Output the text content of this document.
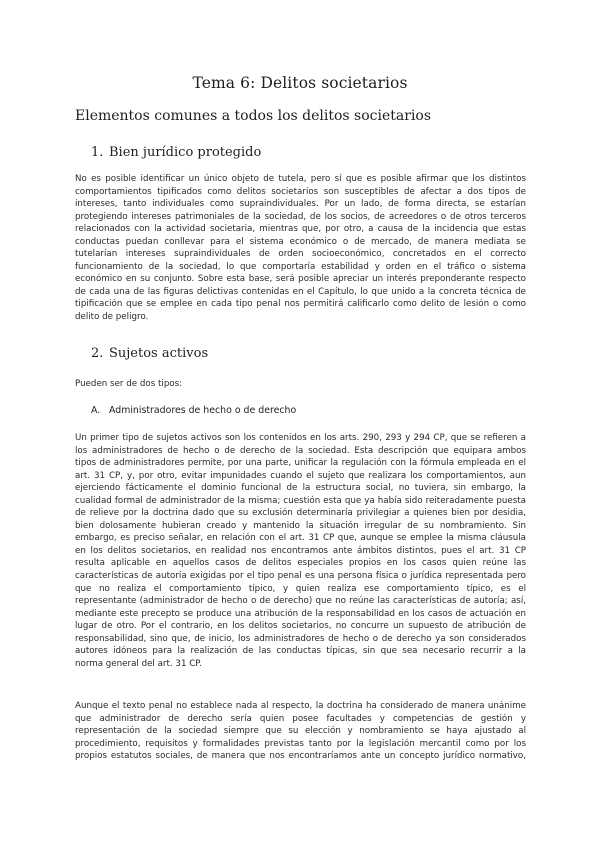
Tema 6: Delitos societarios
Elementos comunes a todos los delitos societarios
1. Bien jurídico protegido
No es posible identificar un único objeto de tutela, pero sí que es posible afirmar que los distintos
comportamientos tipificados como delitos societarios son susceptibles de afectar a dos tipos de
intereses, tanto individuales como supraindividuales. Por un lado, de forma directa, se estarían
protegiendo intereses patrimoniales de la sociedad, de los socios, de acreedores o de otros terceros
relacionados con la actividad societaria, mientras que, por otro, a causa de la incidencia que estas
conductas puedan conllevar para el sistema económico o de mercado, de manera mediata se
tutelarían intereses supraindividuales de orden socioeconómico, concretados en el correcto
funcionamiento de la sociedad, lo que comportaría estabilidad y orden en el tráfico o sistema
económico en su conjunto. Sobre esta base, será posible apreciar un interés preponderante respecto
de cada una de las figuras delictivas contenidas en el Capítulo, lo que unido a la concreta técnica de
tipificación que se emplee en cada tipo penal nos permitirá calificarlo como delito de lesión o como
delito de peligro.
2. Sujetos activos
Pueden ser de dos tipos:
A. Administradores de hecho o de derecho
Un primer tipo de sujetos activos son los contenidos en los arts. 290, 293 y 294 CP, que se refieren a
los administradores de hecho o de derecho de la sociedad. Esta descripción que equipara ambos
tipos de administradores permite, por una parte, unificar la regulación con la fórmula empleada en el
art. 31 CP, y, por otro, evitar impunidades cuando el sujeto que realizara los comportamientos, aun
ejerciendo fácticamente el dominio funcional de la estructura social, no tuviera, sin embargo, la
cualidad formal de administrador de la misma; cuestión esta que ya había sido reiteradamente puesta
de relieve por la doctrina dado que su exclusión determinaría privilegiar a quienes bien por desidia,
bien dolosamente hubieran creado y mantenido la situación irregular de su nombramiento. Sin
embargo, es preciso señalar, en relación con el art. 31 CP que, aunque se emplee la misma cláusula
en los delitos societarios, en realidad nos encontramos ante ámbitos distintos, pues el art. 31 CP
resulta aplicable en aquellos casos de delitos especiales propios en los casos quien reúne las
características de autoría exigidas por el tipo penal es una persona física o jurídica representada pero
que no realiza el comportamiento típico, y quien realiza ese comportamiento típico, es el
representante (administrador de hecho o de derecho) que no reúne las características de autoría; así,
mediante este precepto se produce una atribución de la responsabilidad en los casos de actuación en
lugar de otro. Por el contrario, en los delitos societarios, no concurre un supuesto de atribución de
responsabilidad, sino que, de inicio, los administradores de hecho o de derecho ya son considerados
autores idóneos para la realización de las conductas típicas, sin que sea necesario recurrir a la
norma general del art. 31 CP.
Aunque el texto penal no establece nada al respecto, la doctrina ha considerado de manera unánime
que administrador de derecho sería quien posee facultades y competencias de gestión y
representación de la sociedad siempre que su elección y nombramiento se haya ajustado al
procedimiento, requisitos y formalidades previstas tanto por la legislación mercantil como por los
propios estatutos sociales, de manera que nos encontraríamos ante un concepto jurídico normativo,
